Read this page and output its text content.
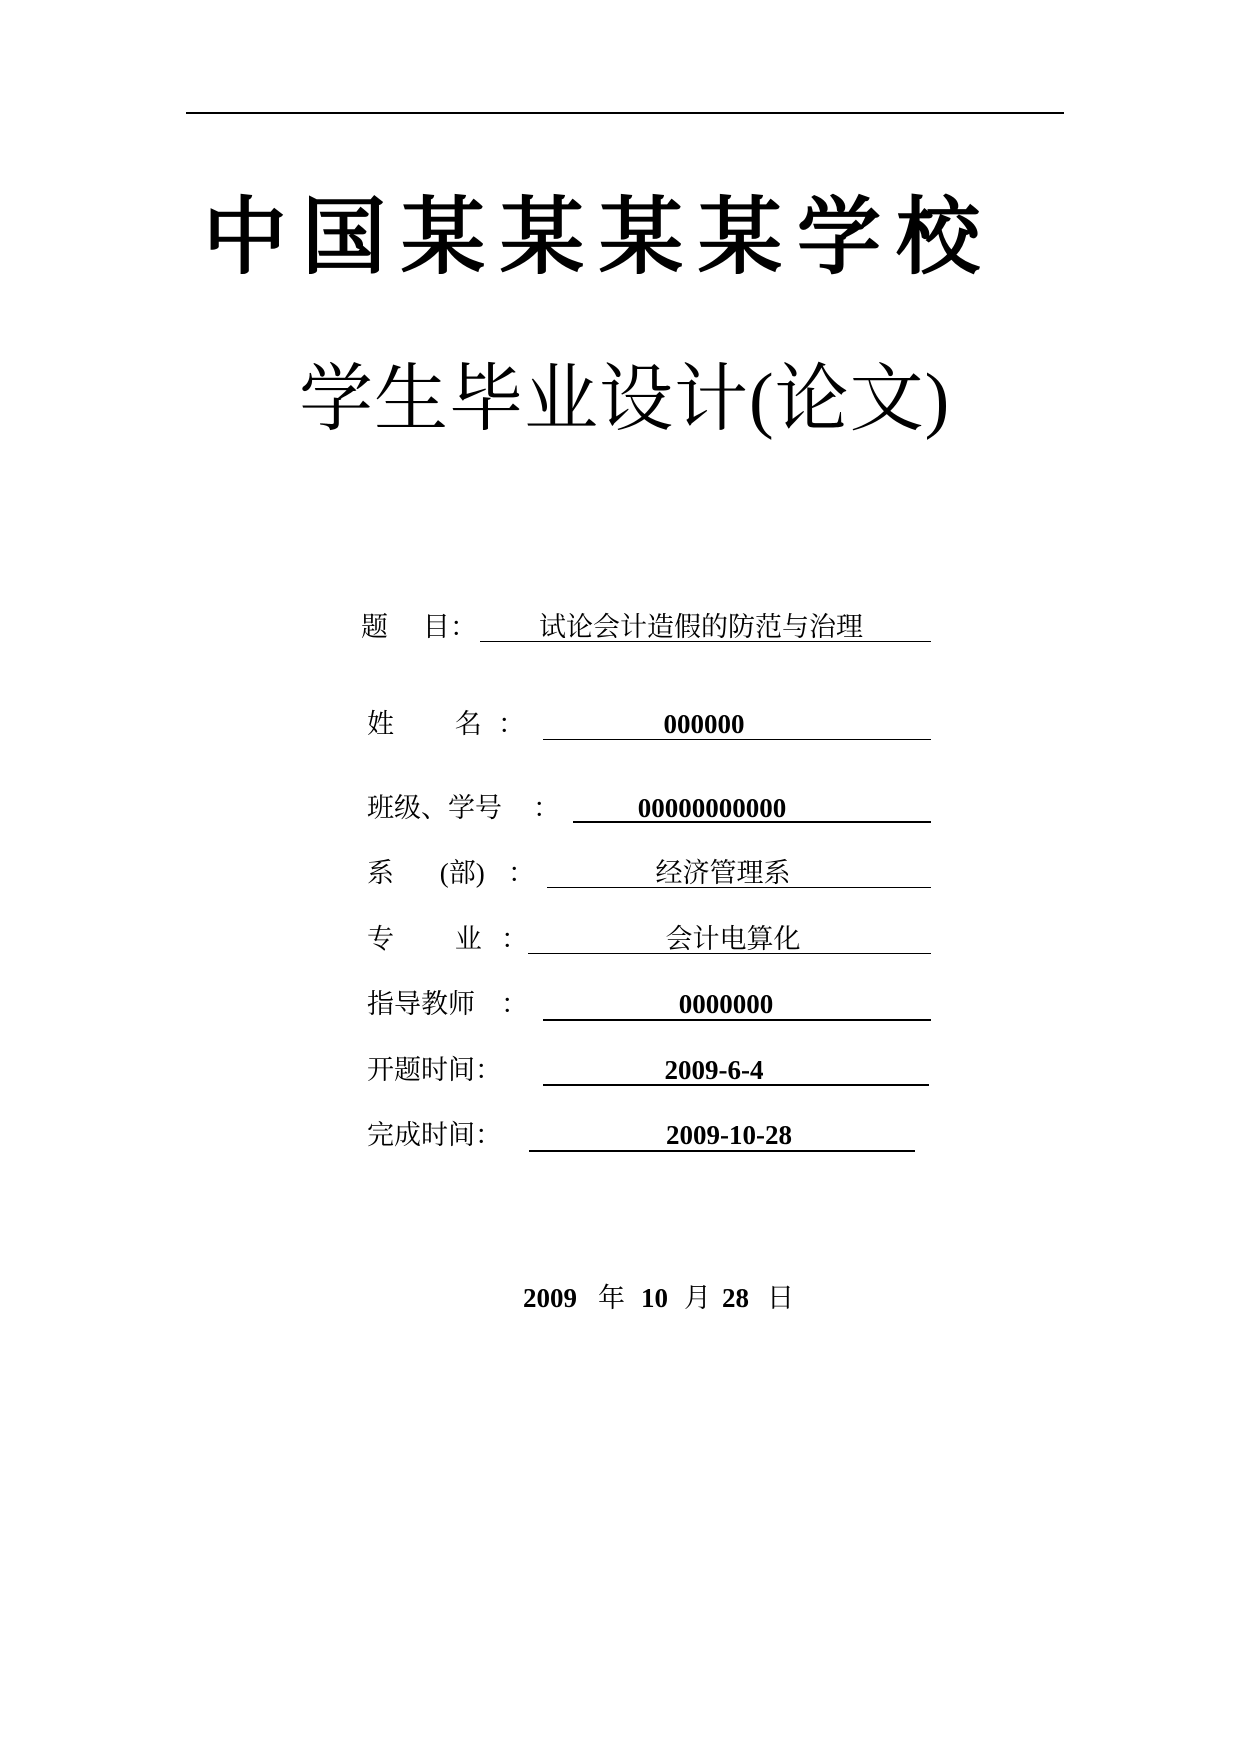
中国某某某某学校
学生毕业设计(论文)
题 目 ： 试论会计造假的防范与治理
姓 名 ：	000000
班级、学号 ：	00000000000
系 (部) ：	经济管理系
专 业 ：	会计电算化
指导教师 ：	0000000
开题时间 ：	2009-6-4
完成时间 ：	2009-10-28

2009 年 10 月 28 日
